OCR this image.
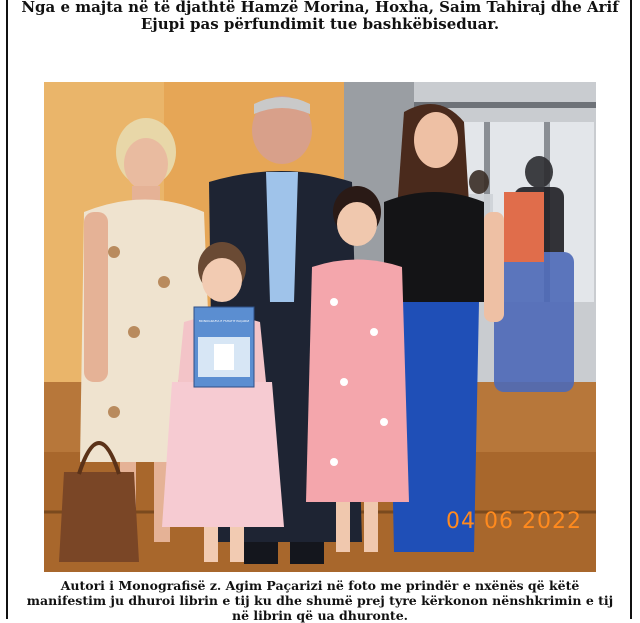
Nga e majta në të djathtë Hamzë Morina, Hoxha, Saim Tahiraj dhe Arif Ejupi pas përfundimit tue bashkëbiseduar.
MONOGRAFIA E FSHATIT PAÇARIZ
04 06 2022
Autori i Monografisë z. Agim Paçarizi në foto me prindër e nxënës që këtë manifestim ju dhuroi librin e tij ku dhe shumë prej tyre kërkonon nënshkrimin e tij në librin që ua dhuronte.
